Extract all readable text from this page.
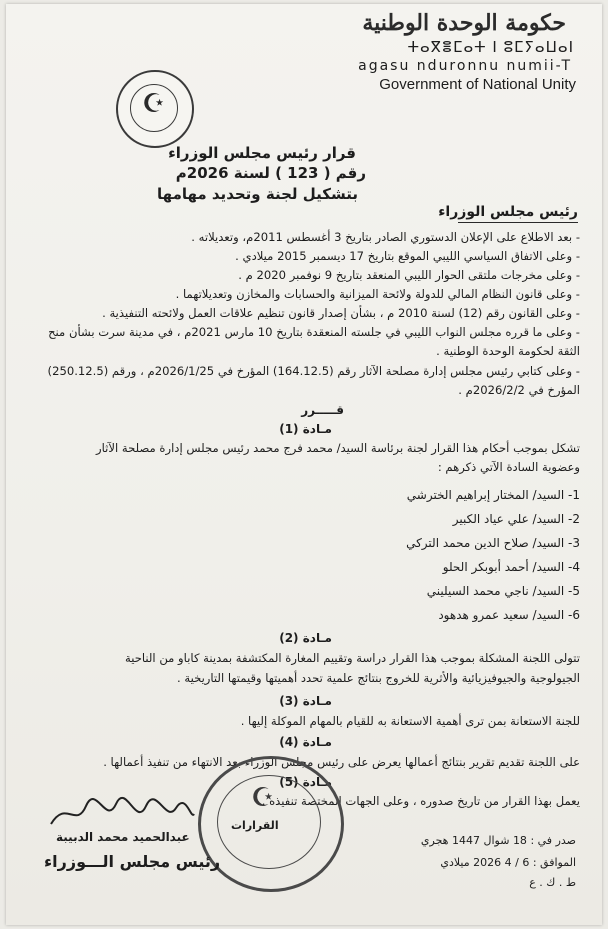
حكومة الوحدة الوطنية
ⵜⴰⴳⴻⵎⴰⵜ ⵏ ⵓⵎⵢⴰⵡⴰⵏ
agasu nduronnu numii-T
Government of National Unity
☪
قرار رئيس مجلس الوزراء
رقم ( 123 ) لسنة 2026م
بتشكيل لجنة وتحديد مهامها
رئيس مجلس الوزراء
- بعد الاطلاع على الإعلان الدستوري الصادر بتاريخ 3 أغسطس 2011م، وتعديلاته .
- وعلى الاتفاق السياسي الليبي الموقع بتاريخ 17 ديسمبر 2015 ميلادي .
- وعلى مخرجات ملتقى الحوار الليبي المنعقد بتاريخ 9 نوفمبر 2020 م .
- وعلى قانون النظام المالي للدولة ولائحة الميزانية والحسابات والمخازن وتعديلاتهما .
- وعلى القانون رقم (12) لسنة 2010 م ، بشأن إصدار قانون تنظيم علاقات العمل ولائحته التنفيذية .
- وعلى ما قرره مجلس النواب الليبي في جلسته المنعقدة بتاريخ 10 مارس 2021م ، في مدينة سرت بشأن منح
الثقة لحكومة الوحدة الوطنية .
- وعلى كتابي رئيس مجلس إدارة مصلحة الآثار رقم (164.12.5) المؤرخ في 2026/1/25م ، ورقم (250.12.5)
المؤرخ في 2026/2/2م .
قـــــرر
مـادة (1)
تشكل بموجب أحكام هذا القرار لجنة برئاسة السيد/ محمد فرج محمد رئيس مجلس إدارة مصلحة الآثار
وعضوية السادة الآتي ذكرهم :
1- السيد/ المختار إبراهيم الخترشي
2- السيد/ علي عياد الكبير
3- السيد/ صلاح الدين محمد التركي
4- السيد/ أحمد أبوبكر الحلو
5- السيد/ ناجي محمد السيليني
6- السيد/ سعيد عمرو هدهود
مـادة (2)
تتولى اللجنة المشكلة بموجب هذا القرار دراسة وتقييم المغارة المكتشفة بمدينة كاباو من الناحية
الجيولوجية والجيوفيزيائية والأثرية للخروج بنتائج علمية تحدد أهميتها وقيمتها التاريخية .
مـادة (3)
للجنة الاستعانة بمن ترى أهمية الاستعانة به للقيام بالمهام الموكلة إليها .
مـادة (4)
على اللجنة تقديم تقرير بنتائج أعمالها يعرض على رئيس مجلس الوزراء بعد الانتهاء من تنفيذ أعمالها .
مـادة (5)
يعمل بهذا القرار من تاريخ صدوره ، وعلى الجهات المختصة تنفيذه .
☪
القرارات
عبدالحميد محمد الدبيبة
رئيس مجلس الـــوزراء
صدر في : 18 شوال 1447 هجري
الموافق : 6 / 4 2026 ميلادي
ط . ك . ع
